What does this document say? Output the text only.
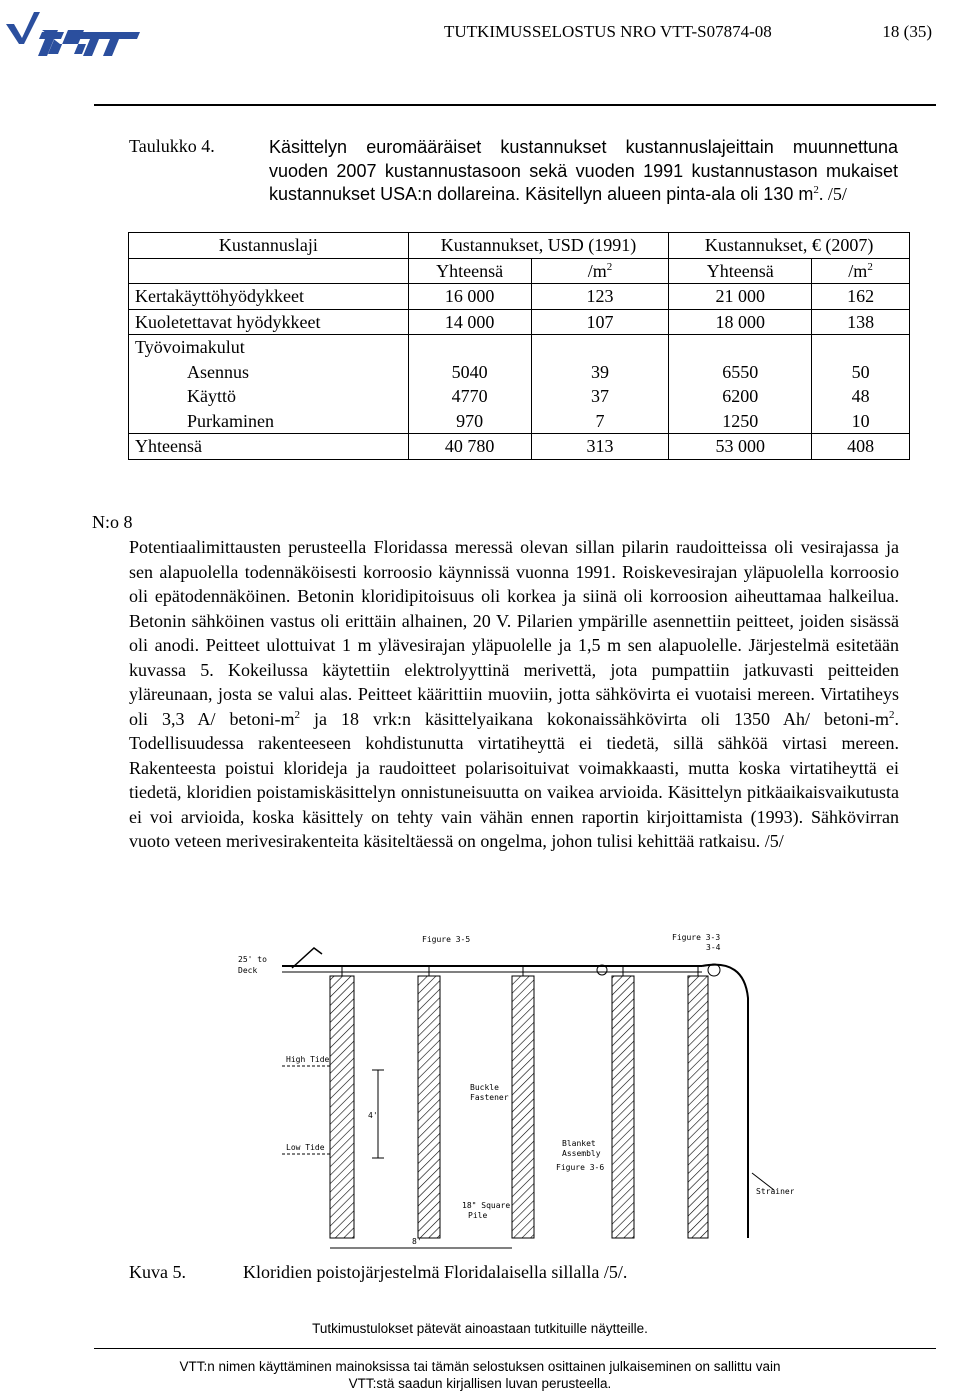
VTT	TUTKIMUSSELOSTUS NRO VTT-S07874-08	18 (35)
Taulukko 4.	Käsittelyn euromääräiset kustannukset kustannuslajeittain muunnettuna vuoden 2007 kustannustasoon sekä vuoden 1991 kustannustason mukaiset kustannukset USA:n dollareina. Käsitellyn alueen pinta-ala oli 130 $m^2$. /5/
Kustannuslaji	Kustannukset, USD (1991)		Kustannukset, € (2007)	
	Yhteensä	$/m^2$	Yhteensä	$/m^2$
Kertakäyttöhyödykkeet	16 000	123	21 000	162
Kuoletettavat hyödykkeet	14 000	107	18 000	138
Työvoimakulut				
Asennus	5040	39	6550	50
Käyttö	4770	37	6200	48
Purkaminen	970	7	1250	10
Yhteensä	40 780	313	53 000	408
N:o 8
Potentiaalimittausten perusteella Floridassa meressä olevan sillan pilarin raudoitteissa oli vesirajassa ja sen alapuolella todennäköisesti korroosio käynnissä vuonna 1991. Roiskevesirajan yläpuolella korroosio oli epätodennäköinen. Betonin kloridipitoisuus oli korkea ja siinä oli korroosion aiheuttamaa halkeilua. Betonin sähköinen vastus oli erittäin alhainen, 20 V. Pilarien ympärille asennettiin peitteet, joiden sisässä oli anodi. Peitteet ulottuivat 1 m ylävesirajan yläpuolelle ja 1,5 m sen alapuolelle. Järjestelmä esitetään kuvassa 5. Kokeilussa käytettiin elektrolyyttinä merivettä, jota pumpattiin jatkuvasti peitteiden yläreunaan, josta se valui alas. Peitteet käärittiin muoviin, jotta sähkövirta ei vuotaisi mereen. Virtatiheys oli 3,3 A/ betoni-$m^2$ ja 18 vrk:n käsittelyaikana kokonaissähkövirta oli 1350 Ah/ betoni-$m^2$. Todellisuudessa rakenteeseen kohdistunutta virtatiheyttä ei tiedetä, sillä sähköä virtasi mereen. Rakenteesta poistui klorideja ja raudoitteet polarisoituivat voimakkaasti, mutta koska virtatiheyttä ei tiedetä, kloridien poistamiskäsittelyn onnistuneisuutta on vaikea arvioida. Käsittelyn pitkäaikaisvaikutusta ei voi arvioida, koska käsittely on tehty vain vähän ennen raportin kirjoittamista (1993). Sähkövirran vuoto veteen merivesirakenteita käsiteltäessä on ongelma, johon tulisi kehittää ratkaisu. /5/
Figure 3-5	Figure 3-3
3-4
25' to
Deck
High Tide
Low Tide
4'
Buckle
Fastener
Blanket
Assembly
Figure 3-6
18" Square
Pile
Strainer
8'
Kuva 5.	Kloridien poistojärjestelmä Floridalaisella sillalla /5/.
Tutkimustulokset pätevät ainoastaan tutkituille näytteille.
VTT:n nimen käyttäminen mainoksissa tai tämän selostuksen osittainen julkaiseminen on sallittu vain
VTT:stä saadun kirjallisen luvan perusteella.
